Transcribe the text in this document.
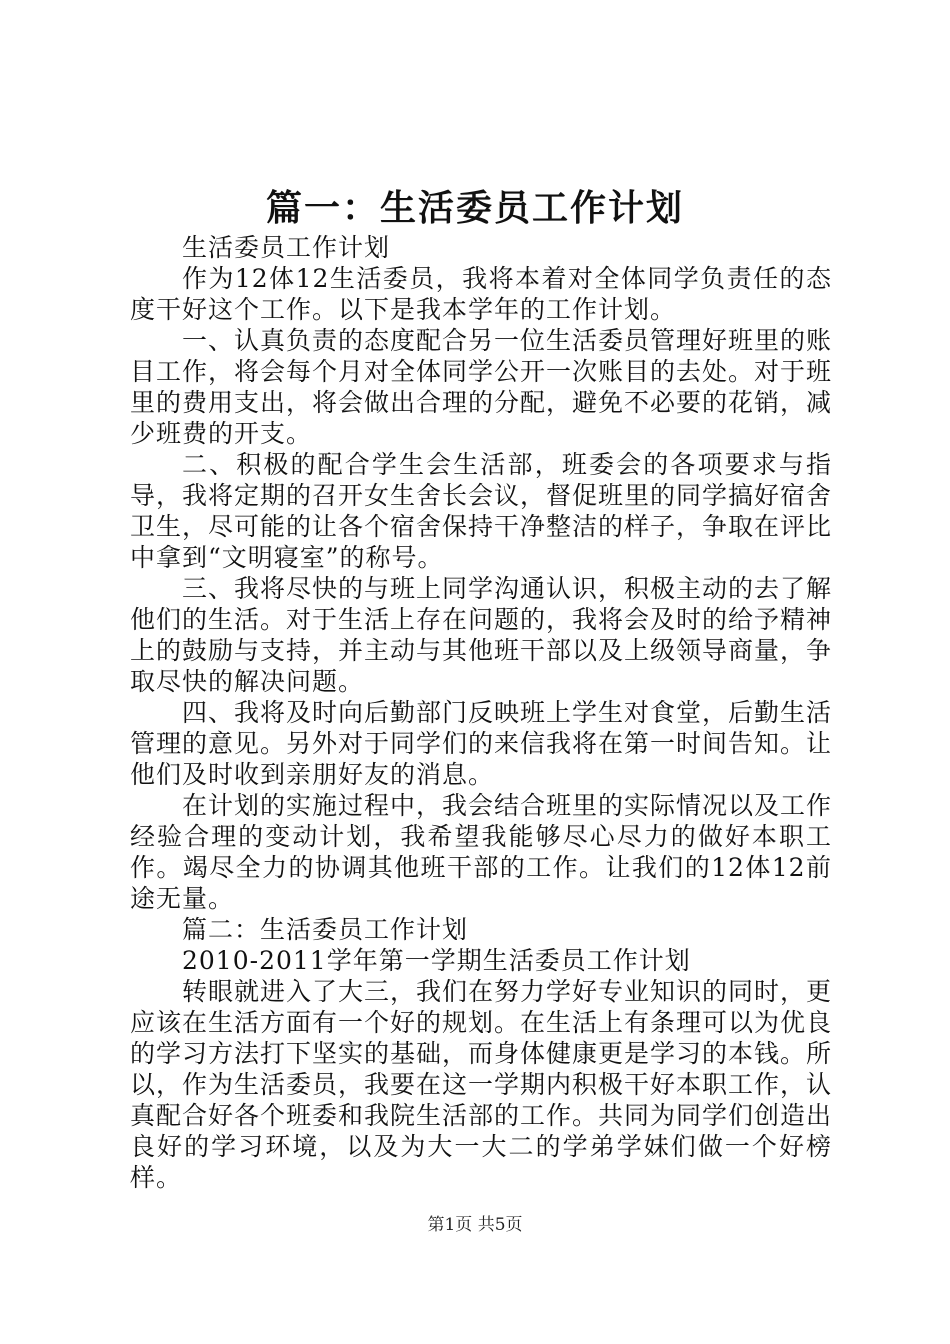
篇一：生活委员工作计划

生活委员工作计划

作为12体12生活委员，我将本着对全体同学负责任的态度干好这个工作。以下是我本学年的工作计划。

一、认真负责的态度配合另一位生活委员管理好班里的账目工作，将会每个月对全体同学公开一次账目的去处。对于班里的费用支出，将会做出合理的分配，避免不必要的花销，减少班费的开支。

二、积极的配合学生会生活部，班委会的各项要求与指导，我将定期的召开女生舍长会议，督促班里的同学搞好宿舍卫生，尽可能的让各个宿舍保持干净整洁的样子，争取在评比中拿到“文明寝室”的称号。

三、我将尽快的与班上同学沟通认识，积极主动的去了解他们的生活。对于生活上存在问题的，我将会及时的给予精神上的鼓励与支持，并主动与其他班干部以及上级领导商量，争取尽快的解决问题。

四、我将及时向后勤部门反映班上学生对食堂，后勤生活管理的意见。另外对于同学们的来信我将在第一时间告知。让他们及时收到亲朋好友的消息。

在计划的实施过程中，我会结合班里的实际情况以及工作经验合理的变动计划，我希望我能够尽心尽力的做好本职工作。竭尽全力的协调其他班干部的工作。让我们的12体12前途无量。

篇二：生活委员工作计划

2010-2011学年第一学期生活委员工作计划

转眼就进入了大三，我们在努力学好专业知识的同时，更应该在生活方面有一个好的规划。在生活上有条理可以为优良的学习方法打下坚实的基础，而身体健康更是学习的本钱。所以，作为生活委员，我要在这一学期内积极干好本职工作，认真配合好各个班委和我院生活部的工作。共同为同学们创造出良好的学习环境，以及为大一大二的学弟学妹们做一个好榜样。

第1页 共5页
